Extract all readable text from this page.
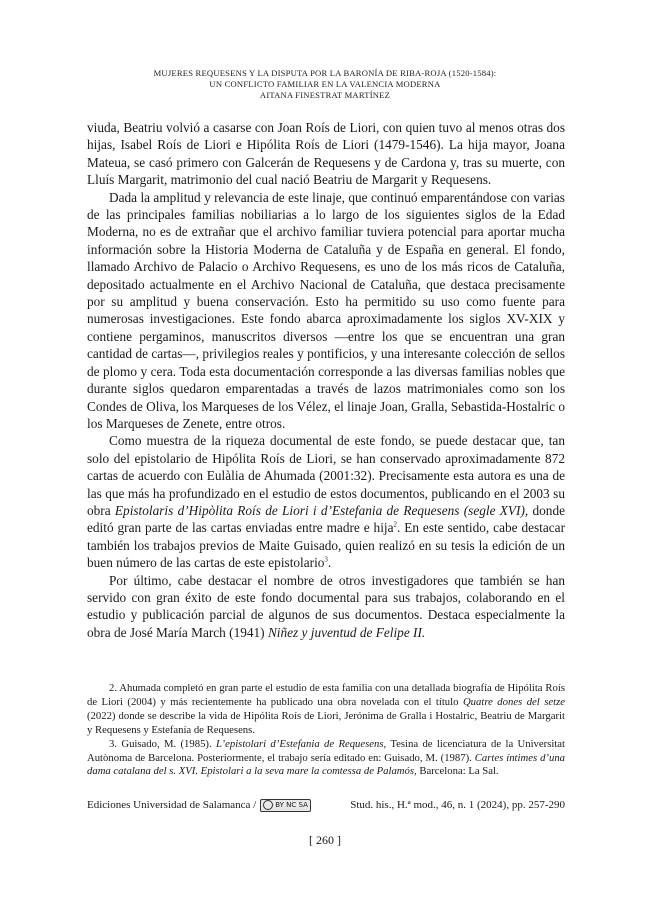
MUJERES REQUESENS Y LA DISPUTA POR LA BARONÍA DE RIBA-ROJA (1520-1584):
UN CONFLICTO FAMILIAR EN LA VALENCIA MODERNA
AITANA FINESTRAT MARTÍNEZ

viuda, Beatriu volvió a casarse con Joan Roís de Liori, con quien tuvo al menos otras dos hijas, Isabel Roís de Liori e Hipólita Roís de Liori (1479-1546). La hija mayor, Joana Mateua, se casó primero con Galcerán de Requesens y de Cardona y, tras su muerte, con Lluís Margarit, matrimonio del cual nació Beatriu de Margarit y Requesens.

Dada la amplitud y relevancia de este linaje, que continuó emparentándose con varias de las principales familias nobiliarias a lo largo de los siguientes siglos de la Edad Moderna, no es de extrañar que el archivo familiar tuviera potencial para aportar mucha información sobre la Historia Moderna de Cataluña y de España en general. El fondo, llamado Archivo de Palacio o Archivo Requesens, es uno de los más ricos de Cataluña, depositado actualmente en el Archivo Nacional de Cataluña, que destaca precisamente por su amplitud y buena conservación. Esto ha permitido su uso como fuente para numerosas investigaciones. Este fondo abarca aproximadamente los siglos XV-XIX y contiene pergaminos, manuscritos diversos —entre los que se encuentran una gran cantidad de cartas—, privilegios reales y pontificios, y una interesante colección de sellos de plomo y cera. Toda esta documentación corresponde a las diversas familias nobles que durante siglos quedaron emparentadas a través de lazos matrimoniales como son los Condes de Oliva, los Marqueses de los Vélez, el linaje Joan, Gralla, Sebastida-Hostalric o los Marqueses de Zenete, entre otros.

Como muestra de la riqueza documental de este fondo, se puede destacar que, tan solo del epistolario de Hipólita Roís de Liori, se han conservado aproximadamente 872 cartas de acuerdo con Eulàlia de Ahumada (2001:32). Precisamente esta autora es una de las que más ha profundizado en el estudio de estos documentos, publicando en el 2003 su obra Epistolaris d’Hipòlita Roís de Liori i d’Estefania de Requesens (segle XVI), donde editó gran parte de las cartas enviadas entre madre e hija$^2$. En este sentido, cabe destacar también los trabajos previos de Maite Guisado, quien realizó en su tesis la edición de un buen número de las cartas de este epistolario$^3$.

Por último, cabe destacar el nombre de otros investigadores que también se han servido con gran éxito de este fondo documental para sus trabajos, colaborando en el estudio y publicación parcial de algunos de sus documentos. Destaca especialmente la obra de José María March (1941) Niñez y juventud de Felipe II.

2. Ahumada completó en gran parte el estudio de esta familia con una detallada biografía de Hipólita Roís de Liori (2004) y más recientemente ha publicado una obra novelada con el título Quatre dones del setze (2022) donde se describe la vida de Hipólita Roís de Liori, Jerónima de Gralla i Hostalric, Beatriu de Margarit y Requesens y Estefanía de Requesens.

3. Guisado, M. (1985). L’epistolari d’Estefania de Requesens, Tesina de licenciatura de la Universitat Autònoma de Barcelona. Posteriormente, el trabajo sería editado en: Guisado, M. (1987). Cartes íntimes d’una dama catalana del s. XVI. Epistolari a la seva mare la comtessa de Palamós, Barcelona: La Sal.

Ediciones Universidad de Salamanca /	BY NC SA	Stud. his., H.ª mod., 46, n. 1 (2024), pp. 257-290
[ 260 ]
